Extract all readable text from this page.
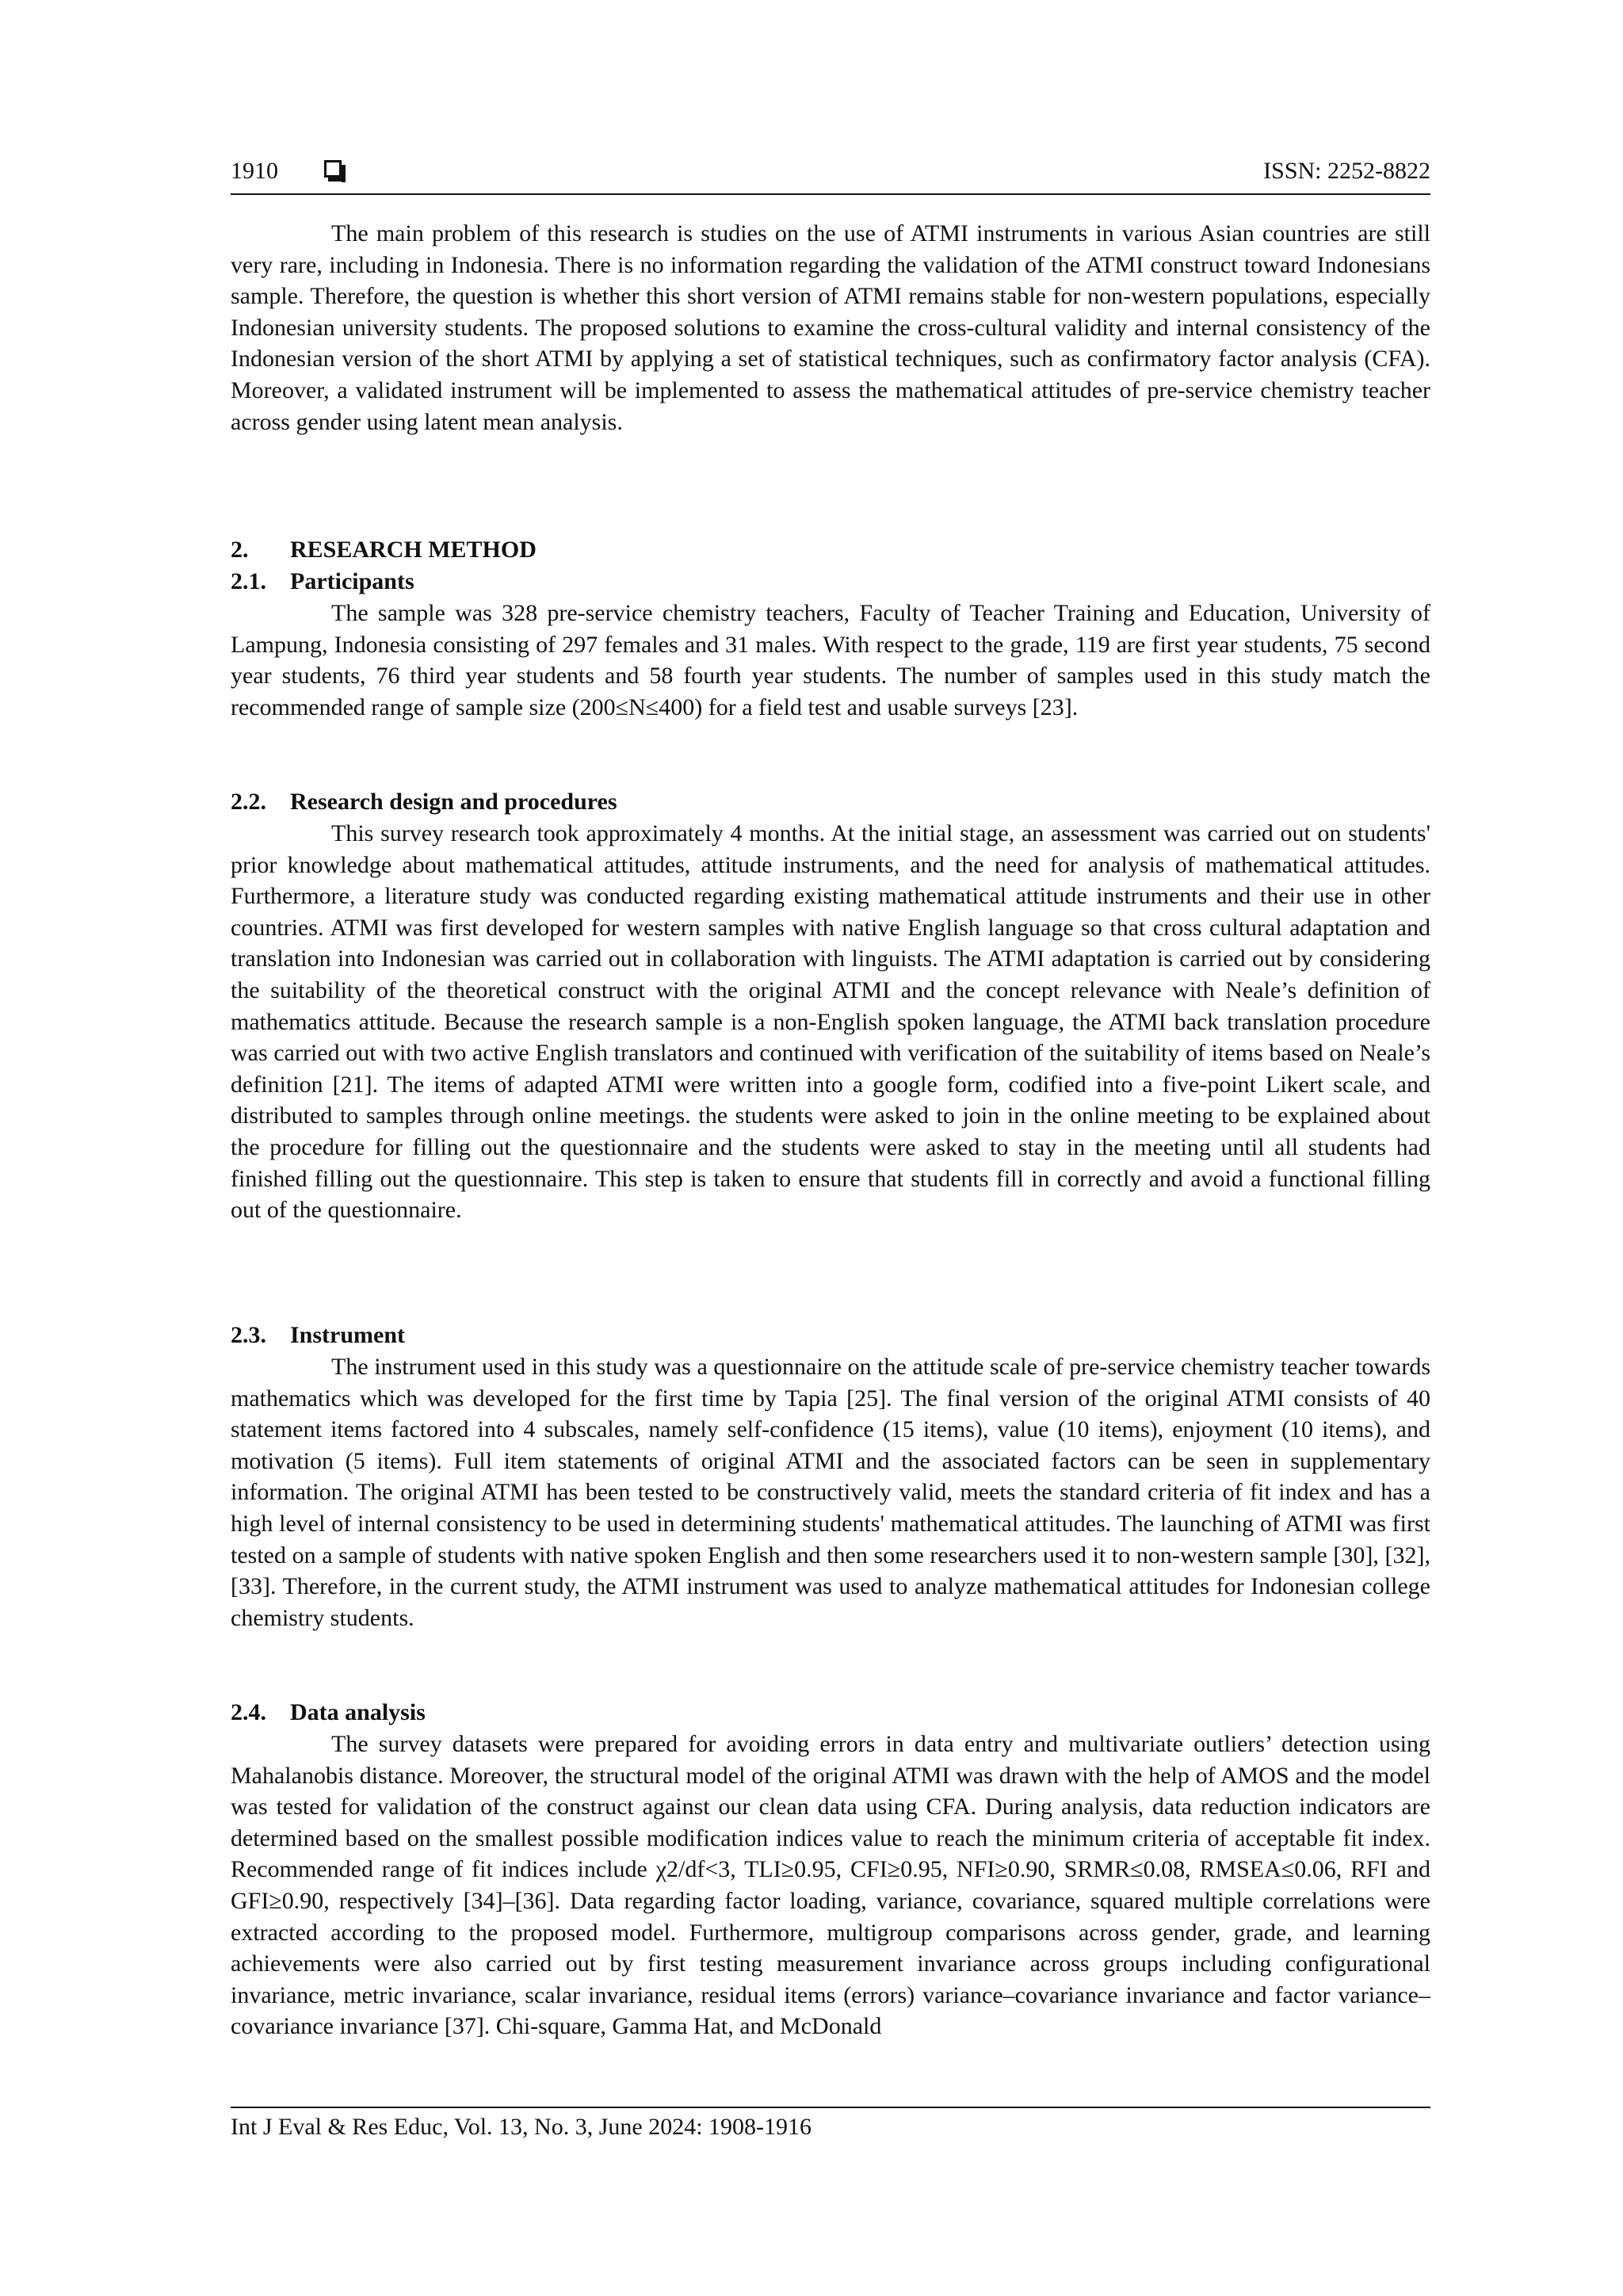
1910	ISSN: 2252-8822

The main problem of this research is studies on the use of ATMI instruments in various Asian countries are still very rare, including in Indonesia. There is no information regarding the validation of the ATMI construct toward Indonesians sample. Therefore, the question is whether this short version of ATMI remains stable for non-western populations, especially Indonesian university students. The proposed solutions to examine the cross-cultural validity and internal consistency of the Indonesian version of the short ATMI by applying a set of statistical techniques, such as confirmatory factor analysis (CFA). Moreover, a validated instrument will be implemented to assess the mathematical attitudes of pre-service chemistry teacher across gender using latent mean analysis.

2. RESEARCH METHOD
2.1. Participants

The sample was 328 pre-service chemistry teachers, Faculty of Teacher Training and Education, University of Lampung, Indonesia consisting of 297 females and 31 males. With respect to the grade, 119 are first year students, 75 second year students, 76 third year students and 58 fourth year students. The number of samples used in this study match the recommended range of sample size (200≤N≤400) for a field test and usable surveys [23].

2.2. Research design and procedures

This survey research took approximately 4 months. At the initial stage, an assessment was carried out on students' prior knowledge about mathematical attitudes, attitude instruments, and the need for analysis of mathematical attitudes. Furthermore, a literature study was conducted regarding existing mathematical attitude instruments and their use in other countries. ATMI was first developed for western samples with native English language so that cross cultural adaptation and translation into Indonesian was carried out in collaboration with linguists. The ATMI adaptation is carried out by considering the suitability of the theoretical construct with the original ATMI and the concept relevance with Neale’s definition of mathematics attitude. Because the research sample is a non-English spoken language, the ATMI back translation procedure was carried out with two active English translators and continued with verification of the suitability of items based on Neale’s definition [21]. The items of adapted ATMI were written into a google form, codified into a five-point Likert scale, and distributed to samples through online meetings. the students were asked to join in the online meeting to be explained about the procedure for filling out the questionnaire and the students were asked to stay in the meeting until all students had finished filling out the questionnaire. This step is taken to ensure that students fill in correctly and avoid a functional filling out of the questionnaire.

2.3. Instrument

The instrument used in this study was a questionnaire on the attitude scale of pre-service chemistry teacher towards mathematics which was developed for the first time by Tapia [25]. The final version of the original ATMI consists of 40 statement items factored into 4 subscales, namely self-confidence (15 items), value (10 items), enjoyment (10 items), and motivation (5 items). Full item statements of original ATMI and the associated factors can be seen in supplementary information. The original ATMI has been tested to be constructively valid, meets the standard criteria of fit index and has a high level of internal consistency to be used in determining students' mathematical attitudes. The launching of ATMI was first tested on a sample of students with native spoken English and then some researchers used it to non-western sample [30], [32], [33]. Therefore, in the current study, the ATMI instrument was used to analyze mathematical attitudes for Indonesian college chemistry students.

2.4. Data analysis

The survey datasets were prepared for avoiding errors in data entry and multivariate outliers’ detection using Mahalanobis distance. Moreover, the structural model of the original ATMI was drawn with the help of AMOS and the model was tested for validation of the construct against our clean data using CFA. During analysis, data reduction indicators are determined based on the smallest possible modification indices value to reach the minimum criteria of acceptable fit index. Recommended range of fit indices include χ2/df<3, TLI≥0.95, CFI≥0.95, NFI≥0.90, SRMR≤0.08, RMSEA≤0.06, RFI and GFI≥0.90, respectively [34]–[36]. Data regarding factor loading, variance, covariance, squared multiple correlations were extracted according to the proposed model. Furthermore, multigroup comparisons across gender, grade, and learning achievements were also carried out by first testing measurement invariance across groups including configurational invariance, metric invariance, scalar invariance, residual items (errors) variance–covariance invariance and factor variance–covariance invariance [37]. Chi-square, Gamma Hat, and McDonald

Int J Eval & Res Educ, Vol. 13, No. 3, June 2024: 1908-1916
